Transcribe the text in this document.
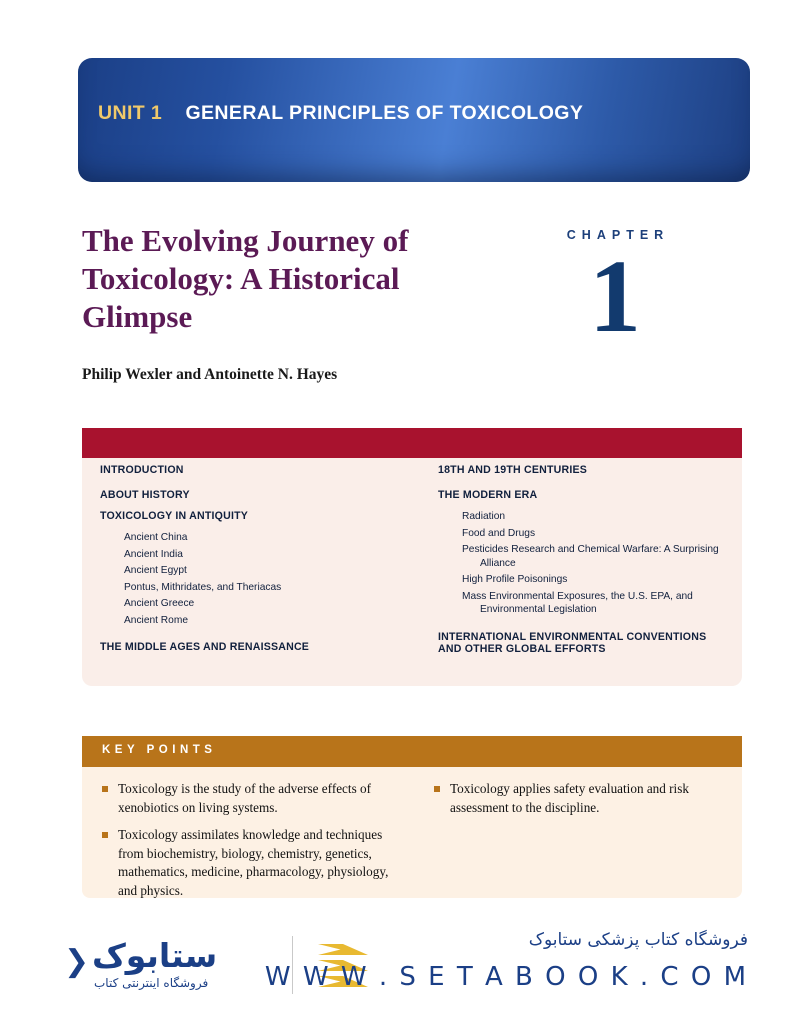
UNIT 1 GENERAL PRINCIPLES OF TOXICOLOGY
The Evolving Journey of Toxicology: A Historical Glimpse
Philip Wexler and Antoinette N. Hayes
CHAPTER
1
INTRODUCTION
ABOUT HISTORY
TOXICOLOGY IN ANTIQUITY
Ancient China
Ancient India
Ancient Egypt
Pontus, Mithridates, and Theriacas
Ancient Greece
Ancient Rome
THE MIDDLE AGES AND RENAISSANCE
18TH AND 19TH CENTURIES
THE MODERN ERA
Radiation
Food and Drugs
Pesticides Research and Chemical Warfare: A Surprising
Alliance
High Profile Poisonings
Mass Environmental Exposures, the U.S. EPA, and
Environmental Legislation
INTERNATIONAL ENVIRONMENTAL CONVENTIONS AND OTHER GLOBAL EFFORTS
KEY POINTS
Toxicology is the study of the adverse effects of xenobiotics on living systems.
Toxicology assimilates knowledge and techniques from biochemistry, biology, chemistry, genetics, mathematics, medicine, pharmacology, physiology, and physics.
Toxicology applies safety evaluation and risk assessment to the discipline.
❮ ستابوک
فروشگاه اینترنتی کتاب
فروشگاه کتاب پزشکی ستابوک
W W W . S E T A B O O K . C O M
